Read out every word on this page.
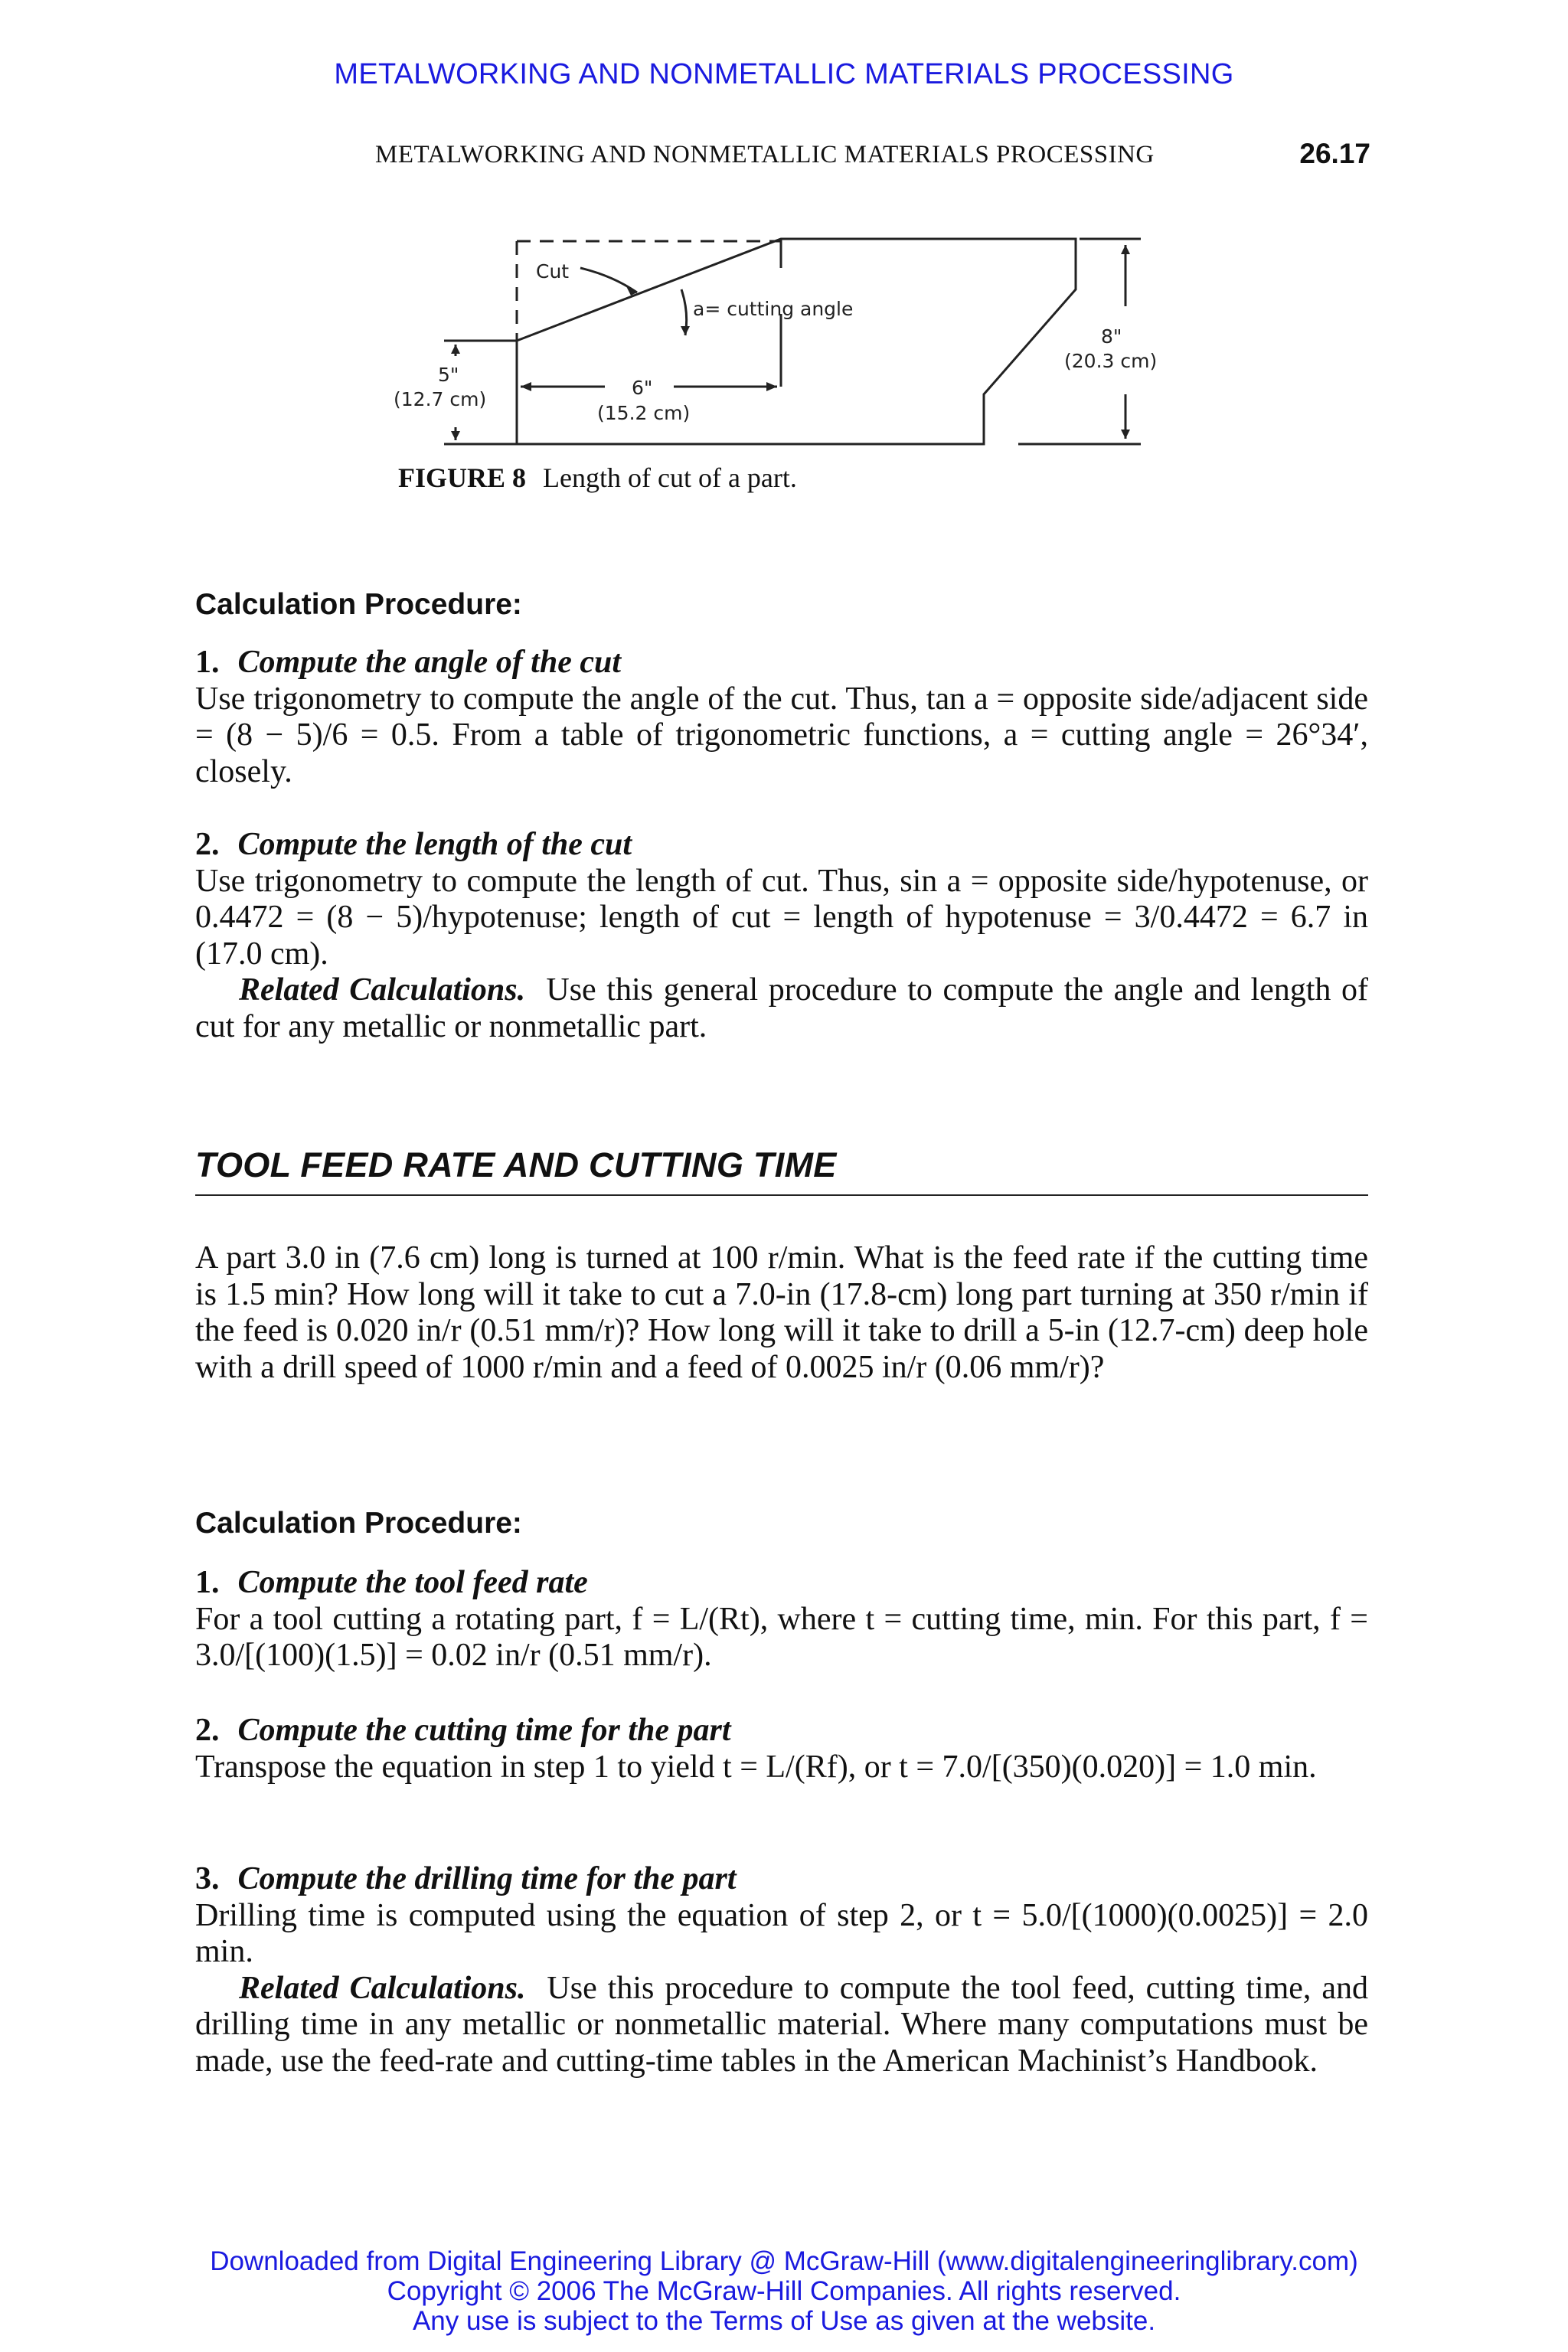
METALWORKING AND NONMETALLIC MATERIALS PROCESSING
METALWORKING AND NONMETALLIC MATERIALS PROCESSING	26.17
Cut
a= cutting angle
8"
(20.3 cm)
5"
(12.7 cm)
6"
(15.2 cm)
FIGURE 8 Length of cut of a part.
Calculation Procedure:
1. Compute the angle of the cut
Use trigonometry to compute the angle of the cut. Thus, tan a = opposite side/adjacent side = (8 − 5)/6 = 0.5. From a table of trigonometric functions, a = cutting angle = 26°34′, closely.
2. Compute the length of the cut
Use trigonometry to compute the length of cut. Thus, sin a = opposite side/hypotenuse, or 0.4472 = (8 − 5)/hypotenuse; length of cut = length of hypotenuse = 3/0.4472 = 6.7 in (17.0 cm).
Related Calculations. Use this general procedure to compute the angle and length of cut for any metallic or nonmetallic part.
TOOL FEED RATE AND CUTTING TIME
A part 3.0 in (7.6 cm) long is turned at 100 r/min. What is the feed rate if the cutting time is 1.5 min? How long will it take to cut a 7.0-in (17.8-cm) long part turning at 350 r/min if the feed is 0.020 in/r (0.51 mm/r)? How long will it take to drill a 5-in (12.7-cm) deep hole with a drill speed of 1000 r/min and a feed of 0.0025 in/r (0.06 mm/r)?
Calculation Procedure:
1. Compute the tool feed rate
For a tool cutting a rotating part, f = L/(Rt), where t = cutting time, min. For this part, f = 3.0/[(100)(1.5)] = 0.02 in/r (0.51 mm/r).
2. Compute the cutting time for the part
Transpose the equation in step 1 to yield t = L/(Rf), or t = 7.0/[(350)(0.020)] = 1.0 min.
3. Compute the drilling time for the part
Drilling time is computed using the equation of step 2, or t = 5.0/[(1000)(0.0025)] = 2.0 min.
Related Calculations. Use this procedure to compute the tool feed, cutting time, and drilling time in any metallic or nonmetallic material. Where many computations must be made, use the feed-rate and cutting-time tables in the American Machinist’s Handbook.
Downloaded from Digital Engineering Library @ McGraw-Hill (www.digitalengineeringlibrary.com)
Copyright © 2006 The McGraw-Hill Companies. All rights reserved.
Any use is subject to the Terms of Use as given at the website.
